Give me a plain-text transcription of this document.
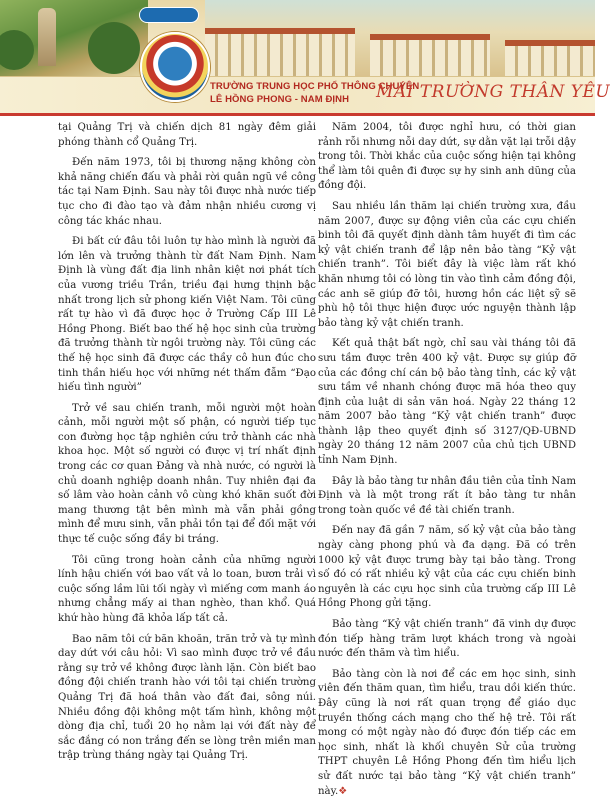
TRƯỜNG TRUNG HỌC PHỔ THÔNG CHUYÊN
LÊ HỒNG PHONG - NAM ĐỊNH	MÁI TRƯỜNG THÂN YÊU

tại Quảng Trị và chiến dịch 81 ngày đêm giải phóng thành cổ Quảng Trị.

Đến năm 1973, tôi bị thương nặng không còn khả năng chiến đấu và phải rời quân ngũ về công tác tại Nam Định. Sau này tôi được nhà nước tiếp tục cho đi đào tạo và đảm nhận nhiều cương vị công tác khác nhau.

Đi bất cứ đâu tôi luôn tự hào mình là người đã lớn lên và trưởng thành từ đất Nam Định. Nam Định là vùng đất địa linh nhân kiệt nơi phát tích của vương triều Trần, triều đại hưng thịnh bậc nhất trong lịch sử phong kiến Việt Nam. Tôi cũng rất tự hào vì đã được học ở Trường Cấp III Lê Hồng Phong. Biết bao thế hệ học sinh của trường đã trưởng thành từ ngôi trường này. Tôi cũng các thế hệ học sinh đã được các thầy cô hun đúc cho tinh thần hiếu học với những nét thấm đẫm “Đạo hiếu tình người”

Trở về sau chiến tranh, mỗi người một hoàn cảnh, mỗi người một số phận, có người tiếp tục con đường học tập nghiên cứu trở thành các nhà khoa học. Một số người có được vị trí nhất định trong các cơ quan Đảng và nhà nước, có người là chủ doanh nghiệp doanh nhân. Tuy nhiên đại đa số lâm vào hoàn cảnh vô cùng khó khăn suốt đời mang thương tật bên mình mà vẫn phải gồng mình để mưu sinh, vẫn phải tồn tại để đối mặt với thực tế cuộc sống đầy bi tráng.

Tôi cũng trong hoàn cảnh của những người lính hậu chiến với bao vất vả lo toan, bươn trải vì cuộc sống lầm lũi tối ngày vì miếng cơm manh áo nhưng chẳng mấy ai than nghèo, than khổ. Quá khứ hào hùng đã khỏa lấp tất cả.

Bao năm tôi cứ băn khoăn, trăn trở và tự mình day dứt với câu hỏi: Vì sao mình được trở về đầu rằng sự trở về không được lành lặn. Còn biết bao đồng đội chiến tranh hào với tôi tại chiến trường Quảng Trị đã hoá thân vào đất đai, sông núi. Nhiều đồng đội không một tấm hình, không một dòng địa chỉ, tuổi 20 họ nằm lại với đất này để sắc đắng có non trắng đến se lòng trên miền man trập trùng tháng ngày tại Quảng Trị.

Năm 2004, tôi được nghỉ hưu, có thời gian rảnh rỗi nhưng nỗi day dứt, sự dằn vặt lại trỗi dậy trong tôi. Thời khắc của cuộc sống hiện tại không thể làm tôi quên đi được sự hy sinh anh dũng của đồng đội.

Sau nhiều lần thăm lại chiến trường xưa, đầu năm 2007, được sự động viên của các cựu chiến binh tôi đã quyết định dành tâm huyết đi tìm các kỷ vật chiến tranh để lập nên bảo tàng “Kỷ vật chiến tranh”. Tôi biết đây là việc làm rất khó khăn nhưng tôi có lòng tin vào tình cảm đồng đội, các anh sẽ giúp đỡ tôi, hương hồn các liệt sỹ sẽ phù hộ tôi thực hiện được ước nguyện thành lập bảo tàng kỷ vật chiến tranh.

Kết quả thật bất ngờ, chỉ sau vài tháng tôi đã sưu tầm được trên 400 kỷ vật. Được sự giúp đỡ của các đồng chí cán bộ bảo tàng tỉnh, các kỷ vật sưu tầm về nhanh chóng được mã hóa theo quy định của luật di sản văn hoá. Ngày 22 tháng 12 năm 2007 bảo tàng “Kỷ vật chiến tranh” được thành lập theo quyết định số 3127/QĐ-UBND ngày 20 tháng 12 năm 2007 của chủ tịch UBND tỉnh Nam Định.

Đây là bảo tàng tư nhân đầu tiên của tỉnh Nam Định và là một trong rất ít bảo tàng tư nhân trong toàn quốc về đề tài chiến tranh.

Đến nay đã gần 7 năm, số kỷ vật của bảo tàng ngày càng phong phú và đa dạng. Đã có trên 1000 kỷ vật được trưng bày tại bảo tàng. Trong số đó có rất nhiều kỷ vật của các cựu chiến binh nguyên là các cựu học sinh của trường cấp III Lê Hồng Phong gửi tặng.

Bảo tàng “Kỷ vật chiến tranh” đã vinh dự được đón tiếp hàng trăm lượt khách trong và ngoài nước đến thăm và tìm hiểu.

Bảo tàng còn là nơi để các em học sinh, sinh viên đến thăm quan, tìm hiểu, trau dồi kiến thức. Đây cũng là nơi rất quan trọng để giáo dục truyền thống cách mạng cho thế hệ trẻ. Tôi rất mong có một ngày nào đó được đón tiếp các em học sinh, nhất là khối chuyên Sử của trường THPT chuyên Lê Hồng Phong đến tìm hiểu lịch sử đất nước tại bảo tàng “Kỷ vật chiến tranh” này.❖
